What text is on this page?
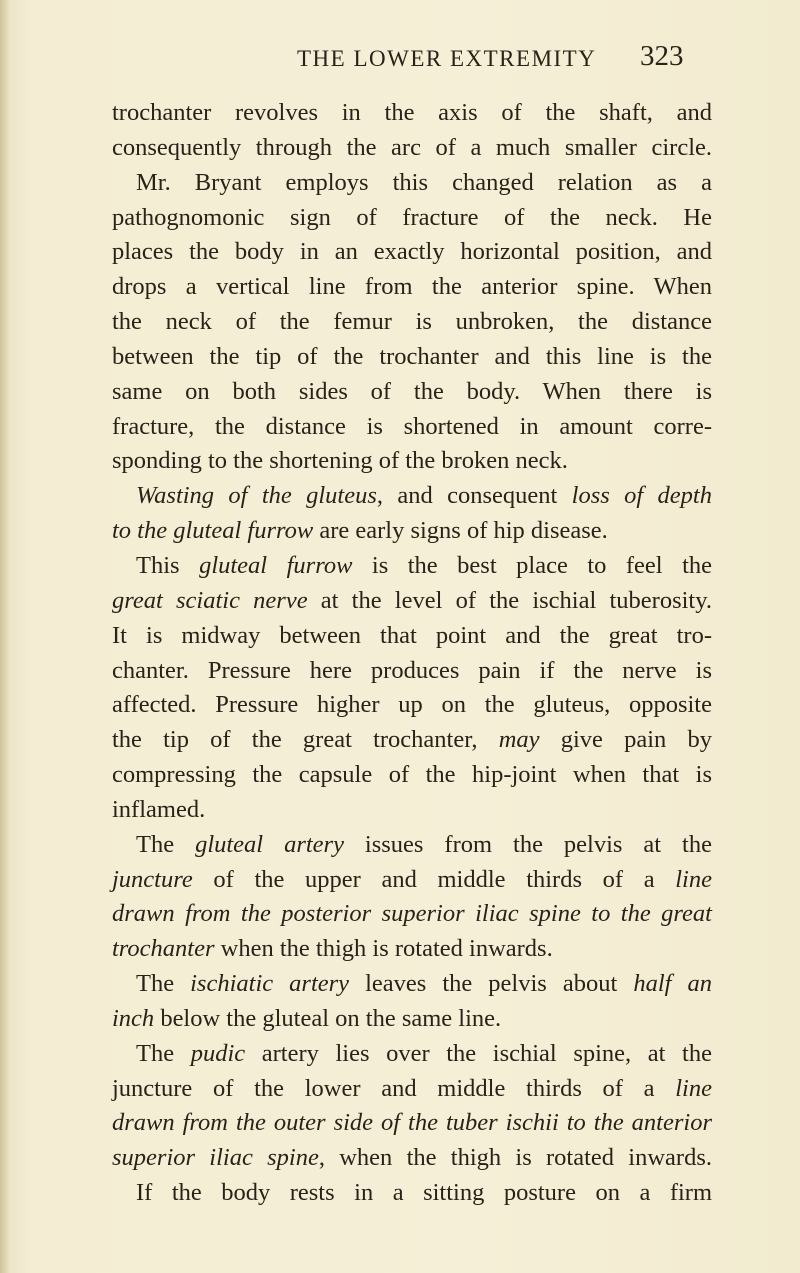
THE LOWER EXTREMITY 323
trochanter revolves in the axis of the shaft, and
consequently through the arc of a much smaller circle.
Mr. Bryant employs this changed relation as a
pathognomonic sign of fracture of the neck. He
places the body in an exactly horizontal position, and
drops a vertical line from the anterior spine. When
the neck of the femur is unbroken, the distance
between the tip of the trochanter and this line is the
same on both sides of the body. When there is
fracture, the distance is shortened in amount corre-
sponding to the shortening of the broken neck.
Wasting of the gluteus, and consequent loss of depth
to the gluteal furrow are early signs of hip disease.
This gluteal furrow is the best place to feel the
great sciatic nerve at the level of the ischial tuberosity.
It is midway between that point and the great tro-
chanter. Pressure here produces pain if the nerve is
affected. Pressure higher up on the gluteus, opposite
the tip of the great trochanter, may give pain by
compressing the capsule of the hip-joint when that is
inflamed.
The gluteal artery issues from the pelvis at the
juncture of the upper and middle thirds of a line
drawn from the posterior superior iliac spine to the great
trochanter when the thigh is rotated inwards.
The ischiatic artery leaves the pelvis about half an
inch below the gluteal on the same line.
The pudic artery lies over the ischial spine, at the
juncture of the lower and middle thirds of a line
drawn from the outer side of the tuber ischii to the anterior
superior iliac spine, when the thigh is rotated inwards.
If the body rests in a sitting posture on a firm
